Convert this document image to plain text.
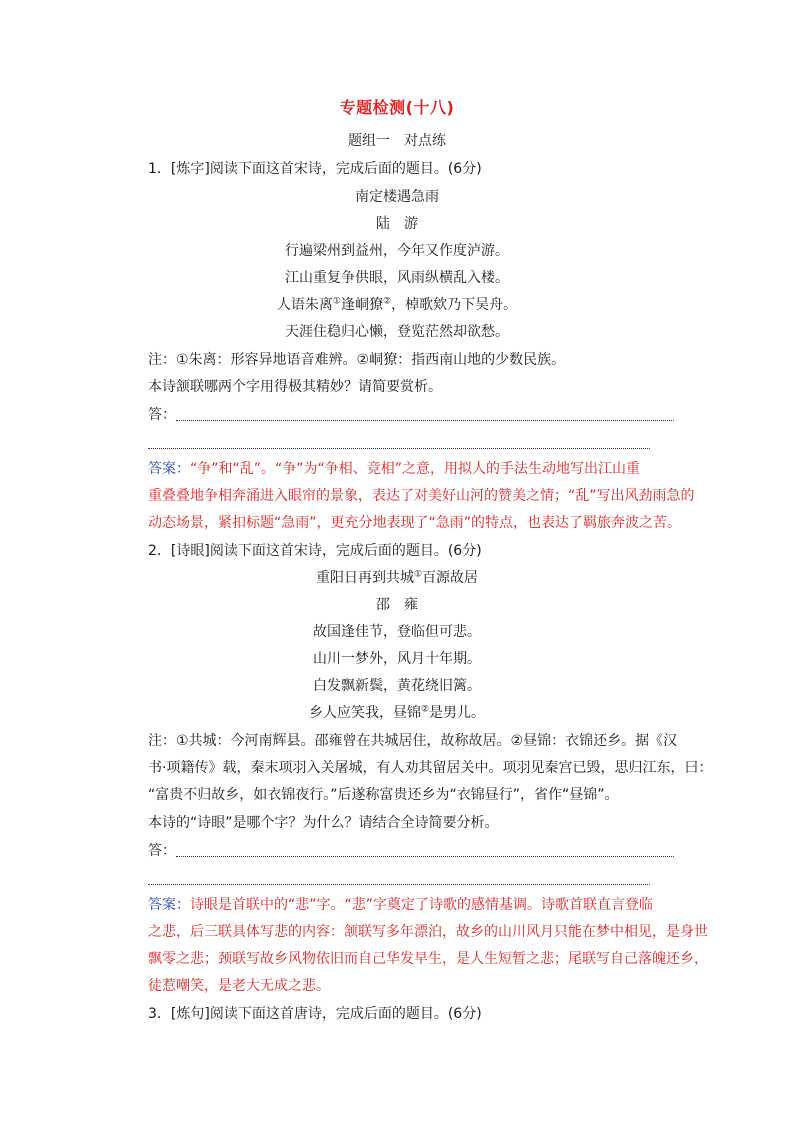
专题检测(十八)
题组一　对点练
1．[炼字]阅读下面这首宋诗，完成后面的题目。(6分)
南定楼遇急雨
陆　游
行遍梁州到益州，今年又作度泸游。
江山重复争供眼，风雨纵横乱入楼。
人语朱离①逢峒獠②，棹歌欸乃下吴舟。
天涯住稳归心懒，登览茫然却欲愁。
注：①朱离：形容异地语音难辨。②峒獠：指西南山地的少数民族。
本诗颔联哪两个字用得极其精妙？请简要赏析。
答：
答案：“争”和“乱”。“争”为“争相、竞相”之意，用拟人的手法生动地写出江山重
重叠叠地争相奔涌进入眼帘的景象，表达了对美好山河的赞美之情；“乱”写出风劲雨急的
动态场景，紧扣标题“急雨”，更充分地表现了“急雨”的特点，也表达了羁旅奔波之苦。
2．[诗眼]阅读下面这首宋诗，完成后面的题目。(6分)
重阳日再到共城①百源故居
邵　雍
故国逢佳节，登临但可悲。
山川一梦外，风月十年期。
白发飘新鬓，黄花绕旧篱。
乡人应笑我，昼锦②是男儿。
注：①共城：今河南辉县。邵雍曾在共城居住，故称故居。②昼锦：衣锦还乡。据《汉
书·项籍传》载，秦末项羽入关屠城，有人劝其留居关中。项羽见秦宫已毁，思归江东，曰：
“富贵不归故乡，如衣锦夜行。”后遂称富贵还乡为“衣锦昼行”，省作“昼锦”。
本诗的“诗眼”是哪个字？为什么？请结合全诗简要分析。
答：
答案：诗眼是首联中的“悲”字。“悲”字奠定了诗歌的感情基调。诗歌首联直言登临
之悲，后三联具体写悲的内容：颔联写多年漂泊，故乡的山川风月只能在梦中相见，是身世
飘零之悲；颈联写故乡风物依旧而自己华发早生，是人生短暂之悲；尾联写自己落魄还乡，
徒惹嘲笑，是老大无成之悲。
3．[炼句]阅读下面这首唐诗，完成后面的题目。(6分)
